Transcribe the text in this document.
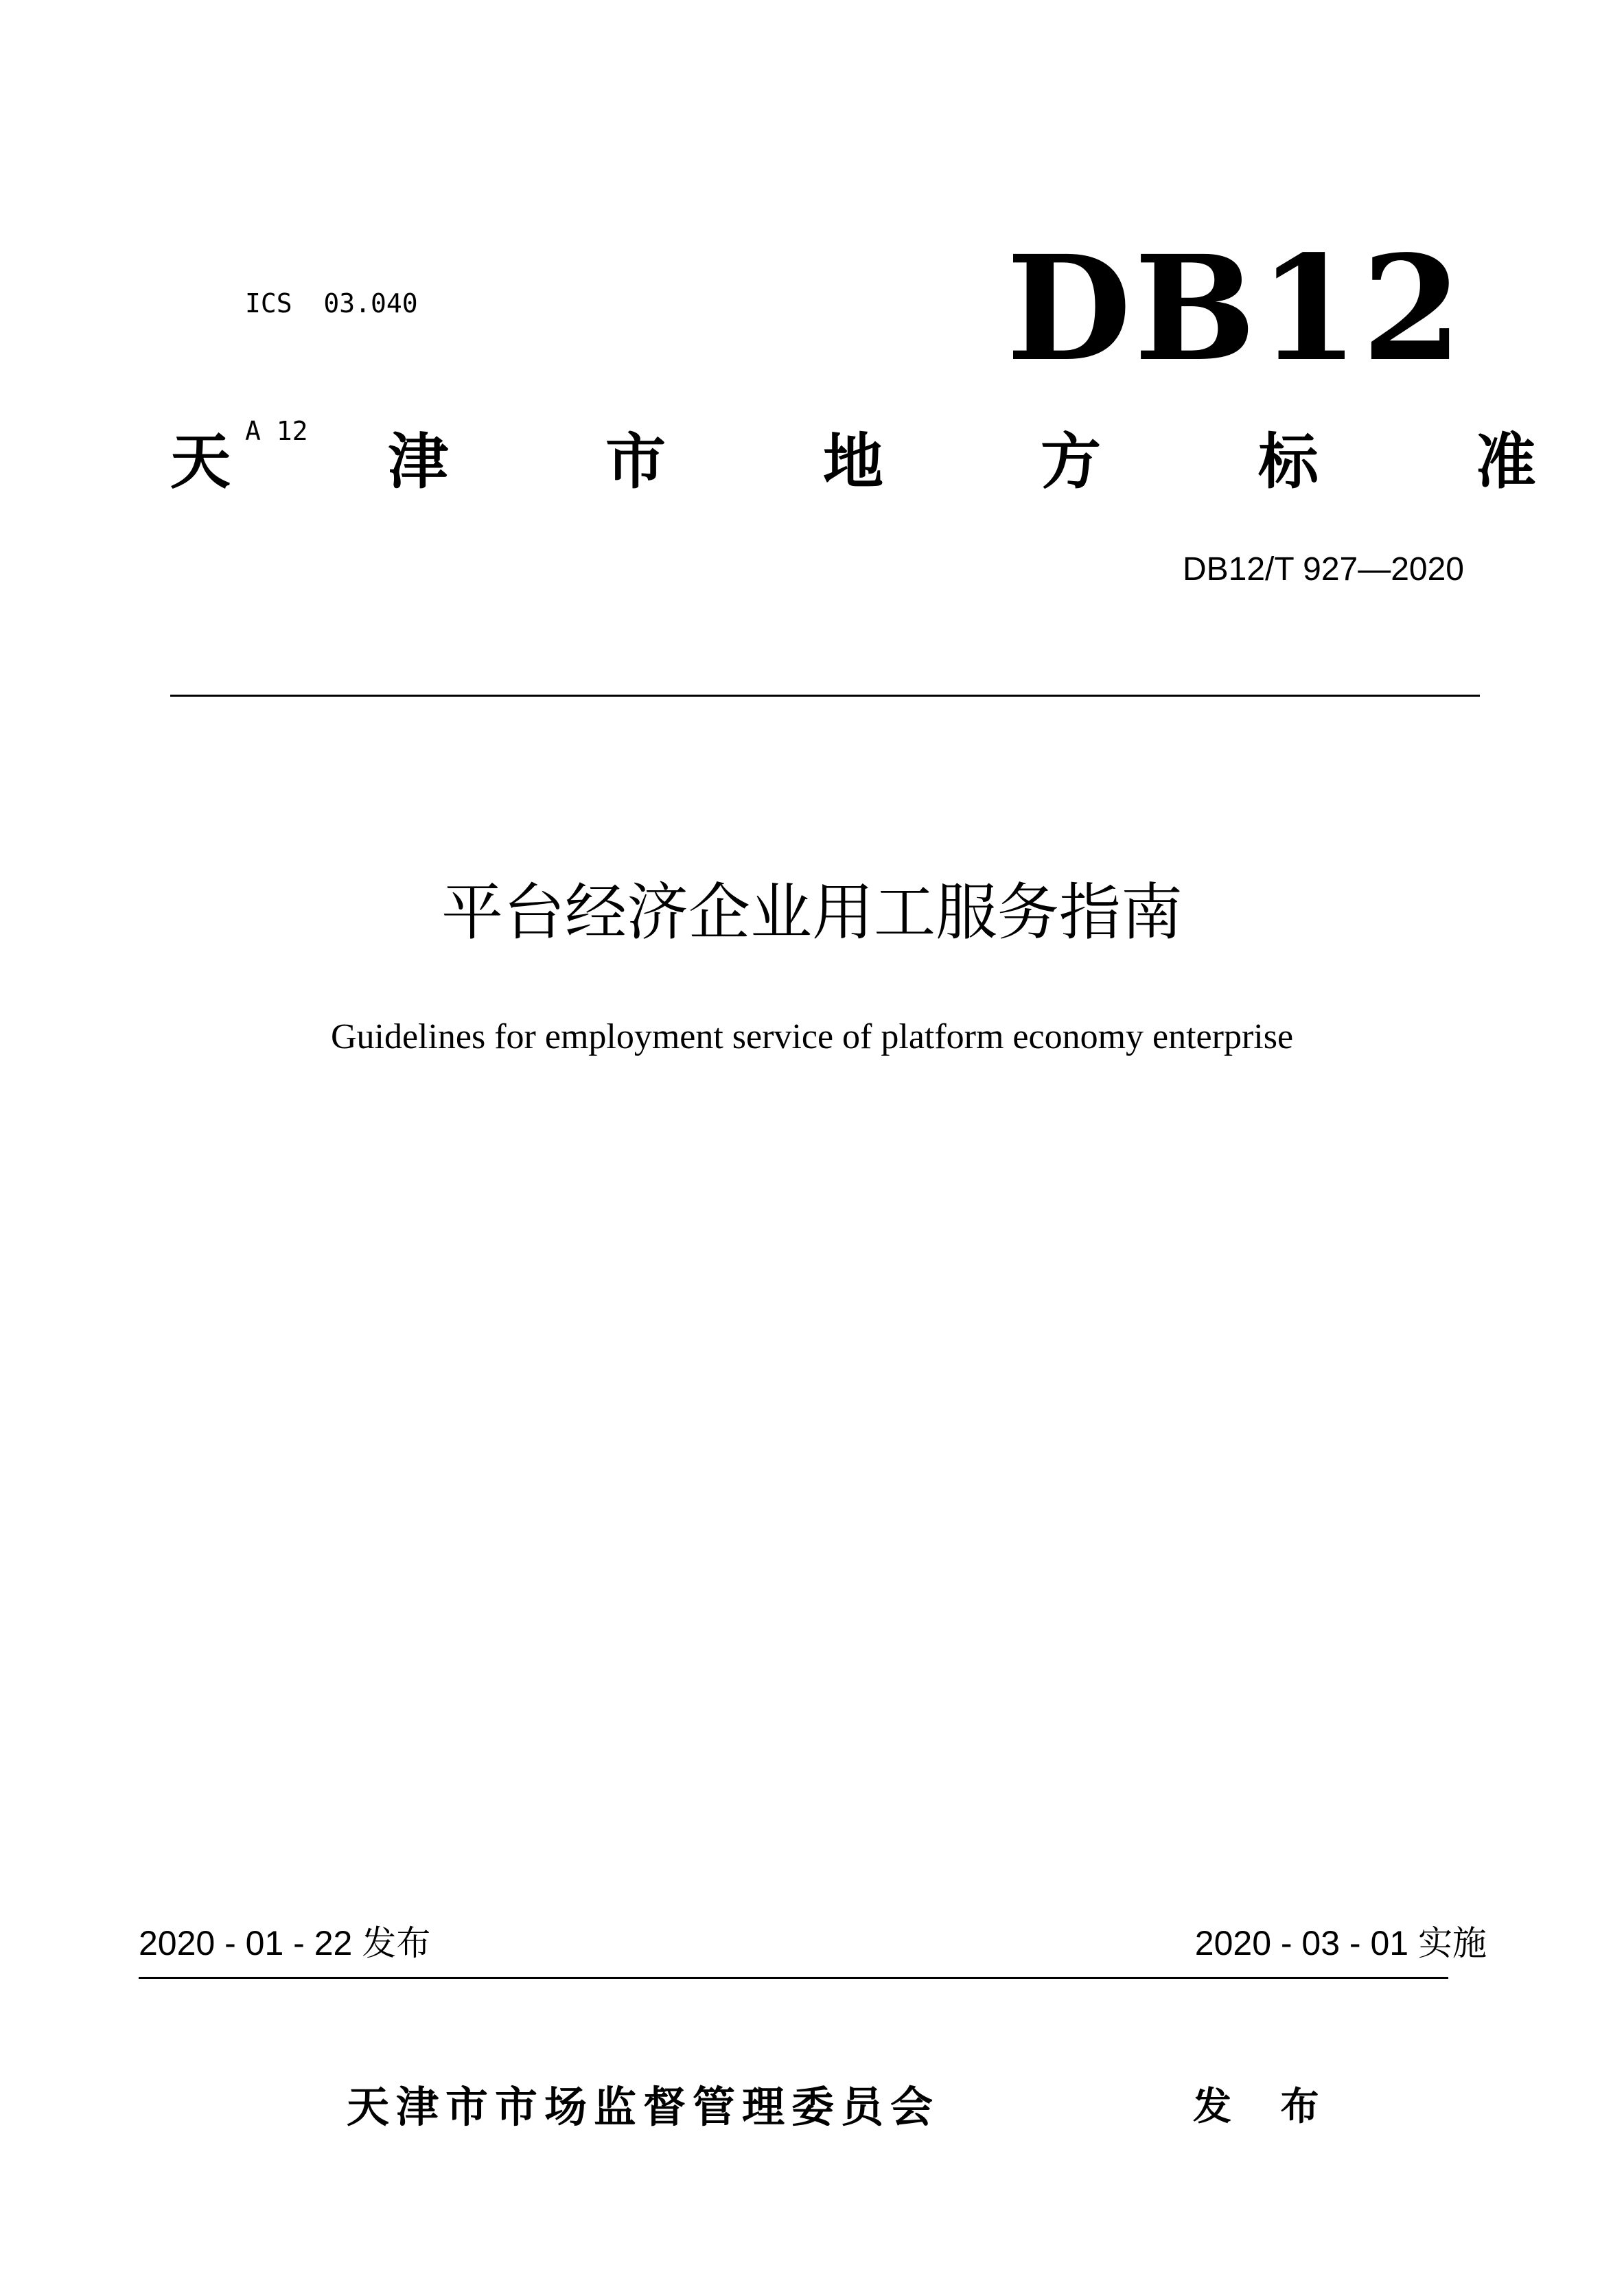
ICS  03.040

A 12

DB12
天	津	市	地	方	标	准
DB12/T 927—2020
平台经济企业用工服务指南
Guidelines for employment service of platform economy enterprise
2020 - 01 - 22 发布	2020 - 03 - 01 实施
天津市市场监督管理委员会	发 布
